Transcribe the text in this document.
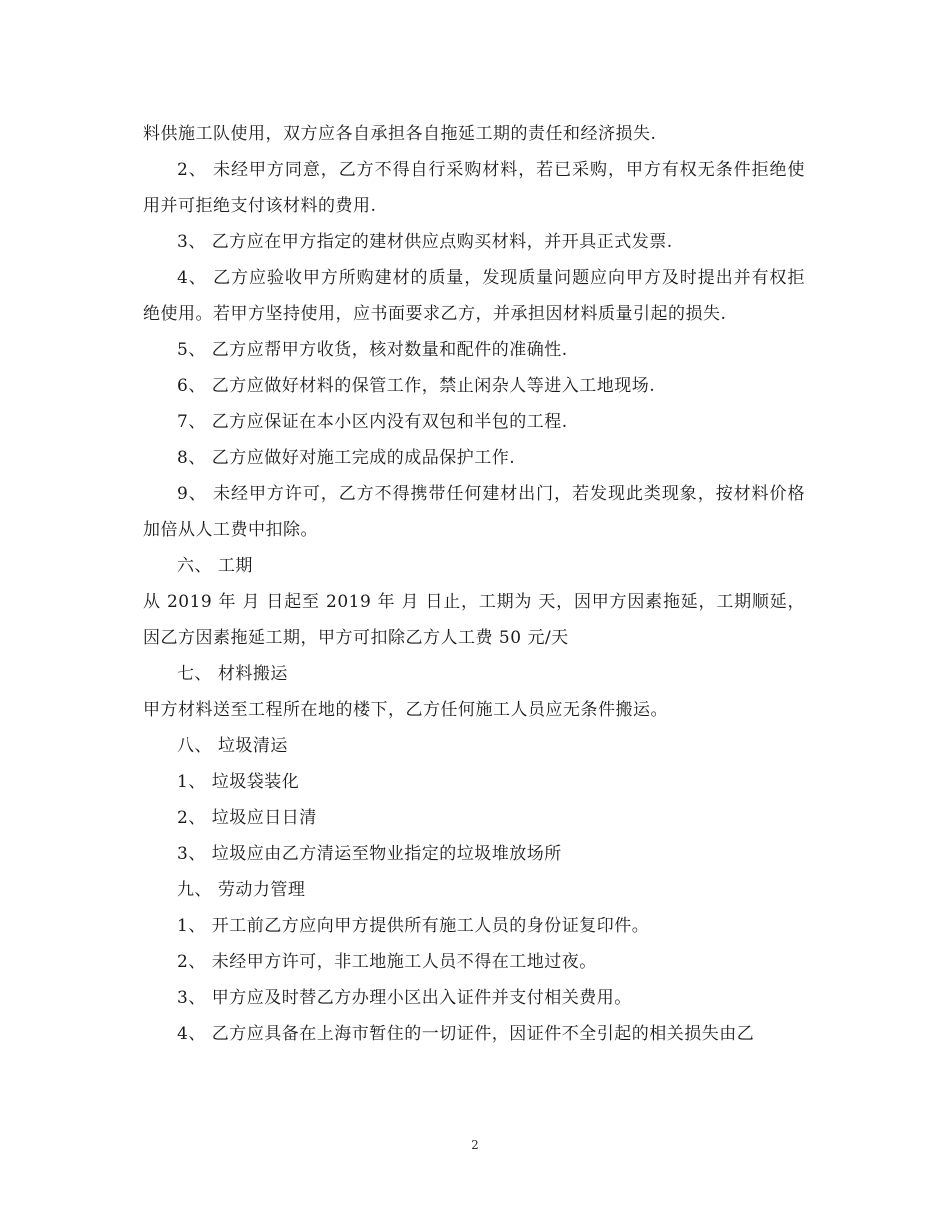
料供施工队使用，双方应各自承担各自拖延工期的责任和经济损失.

2、 未经甲方同意，乙方不得自行采购材料，若已采购，甲方有权无条件拒绝使用并可拒绝支付该材料的费用.

3、 乙方应在甲方指定的建材供应点购买材料，并开具正式发票.

4、 乙方应验收甲方所购建材的质量，发现质量问题应向甲方及时提出并有权拒绝使用。若甲方坚持使用，应书面要求乙方，并承担因材料质量引起的损失.

5、 乙方应帮甲方收货，核对数量和配件的准确性.

6、 乙方应做好材料的保管工作，禁止闲杂人等进入工地现场.

7、 乙方应保证在本小区内没有双包和半包的工程.

8、 乙方应做好对施工完成的成品保护工作.

9、 未经甲方许可，乙方不得携带任何建材出门，若发现此类现象，按材料价格加倍从人工费中扣除。

六、 工期

从 2019 年 月 日起至 2019 年 月 日止，工期为 天，因甲方因素拖延，工期顺延，因乙方因素拖延工期，甲方可扣除乙方人工费 50 元/天

七、 材料搬运

甲方材料送至工程所在地的楼下，乙方任何施工人员应无条件搬运。

八、 垃圾清运

1、 垃圾袋装化

2、 垃圾应日日清

3、 垃圾应由乙方清运至物业指定的垃圾堆放场所

九、 劳动力管理

1、 开工前乙方应向甲方提供所有施工人员的身份证复印件。

2、 未经甲方许可，非工地施工人员不得在工地过夜。

3、 甲方应及时替乙方办理小区出入证件并支付相关费用。

4、 乙方应具备在上海市暂住的一切证件，因证件不全引起的相关损失由乙

2
